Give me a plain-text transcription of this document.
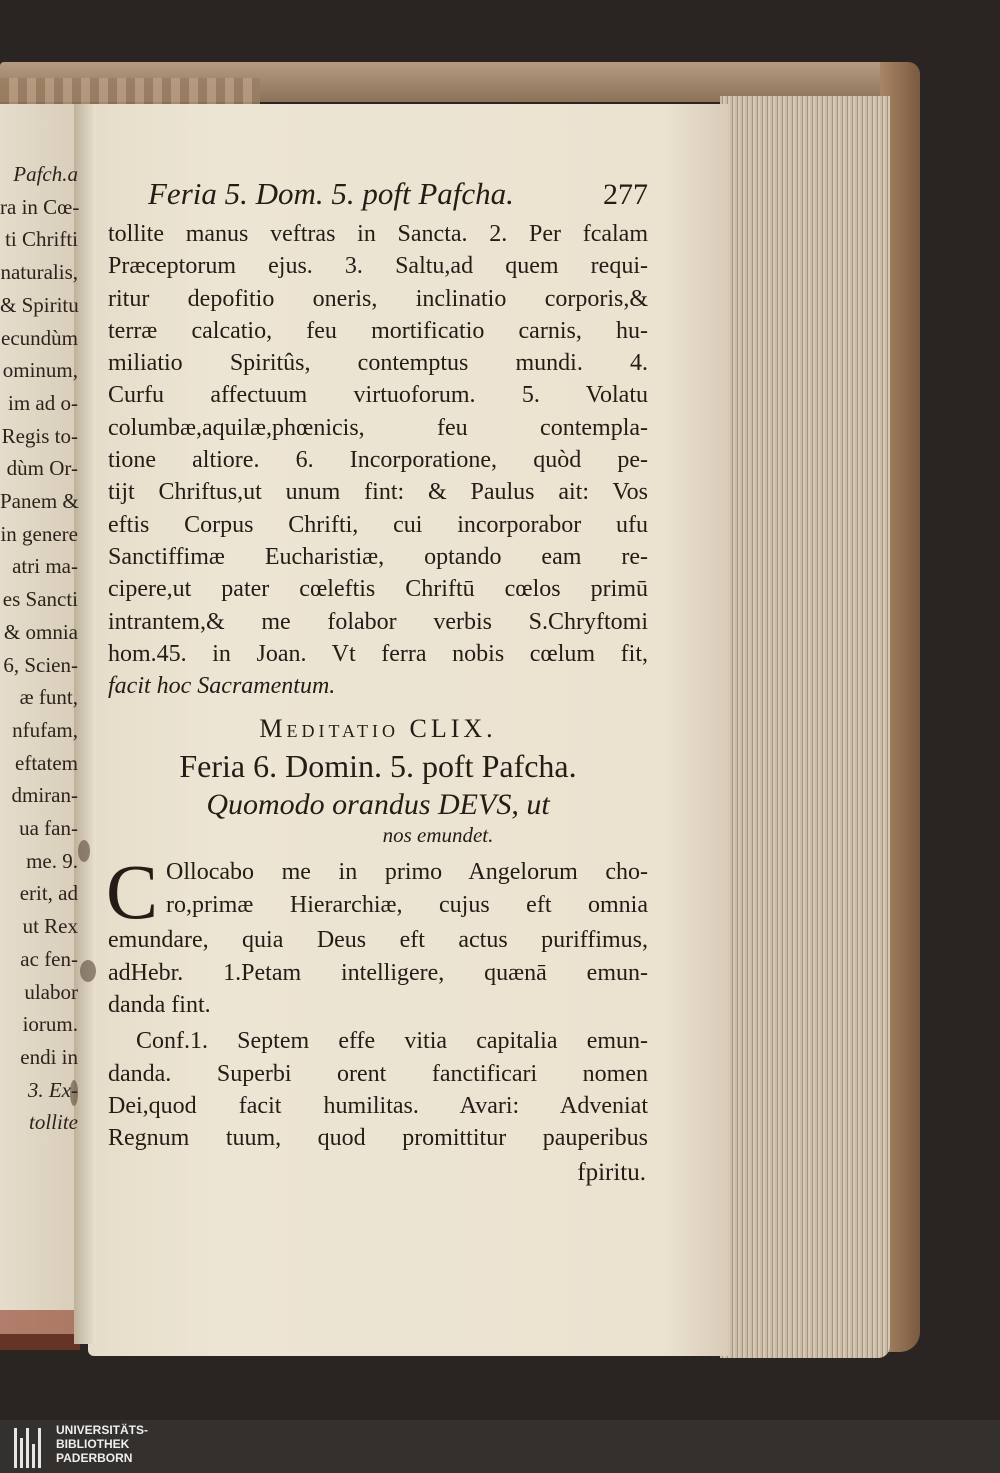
Pafch.a
ra in Cœ-
ti Chrifti
naturalis,
& Spiritu
ecundùm
ominum,
im ad o-
Regis to-
dùm Or-
Panem &
in genere
atri ma-
es Sancti
& omnia
6, Scien-
æ funt,
nfufam,
eftatem
dmiran-
ua fan-
me. 9.
erit, ad
ut Rex
ac fen-
ulabor
iorum.
endi in
3. Ex-
tollite
Feria 5. Dom. 5. poft Pafcha.	277
tollite manus veftras in Sancta. 2. Per fcalam
Præceptorum ejus. 3. Saltu,ad quem requi-
ritur depofitio oneris, inclinatio corporis,&
terræ calcatio, feu mortificatio carnis, hu-
miliatio Spiritûs, contemptus mundi. 4.
Curfu affectuum virtuoforum. 5. Volatu
columbæ,aquilæ,phœnicis, feu contempla-
tione altiore. 6. Incorporatione, quòd pe-
tijt Chriftus,ut unum fint: & Paulus ait: Vos
eftis Corpus Chrifti, cui incorporabor ufu
Sanctiffimæ Eucharistiæ, optando eam re-
cipere,ut pater cœleftis Chriftū cœlos primū
intrantem,& me folabor verbis S.Chryftomi
hom.45. in Joan. Vt ferra nobis cœlum fit,
facit hoc Sacramentum.
Meditatio CLIX.
Feria 6. Domin. 5. poft Pafcha.
Quomodo orandus DEVS, ut
nos emundet.
C Ollocabo me in primo Angelorum cho-
ro,primæ Hierarchiæ, cujus eft omnia
emundare, quia Deus eft actus puriffimus,
adHebr. 1.Petam intelligere, quænā emun-
danda fint.
Conf.1. Septem effe vitia capitalia emun-
danda. Superbi orent fanctificari nomen
Dei,quod facit humilitas. Avari: Adveniat
Regnum tuum, quod promittitur pauperibus
fpiritu.
UNIVERSITÄTS-
BIBLIOTHEK
PADERBORN
